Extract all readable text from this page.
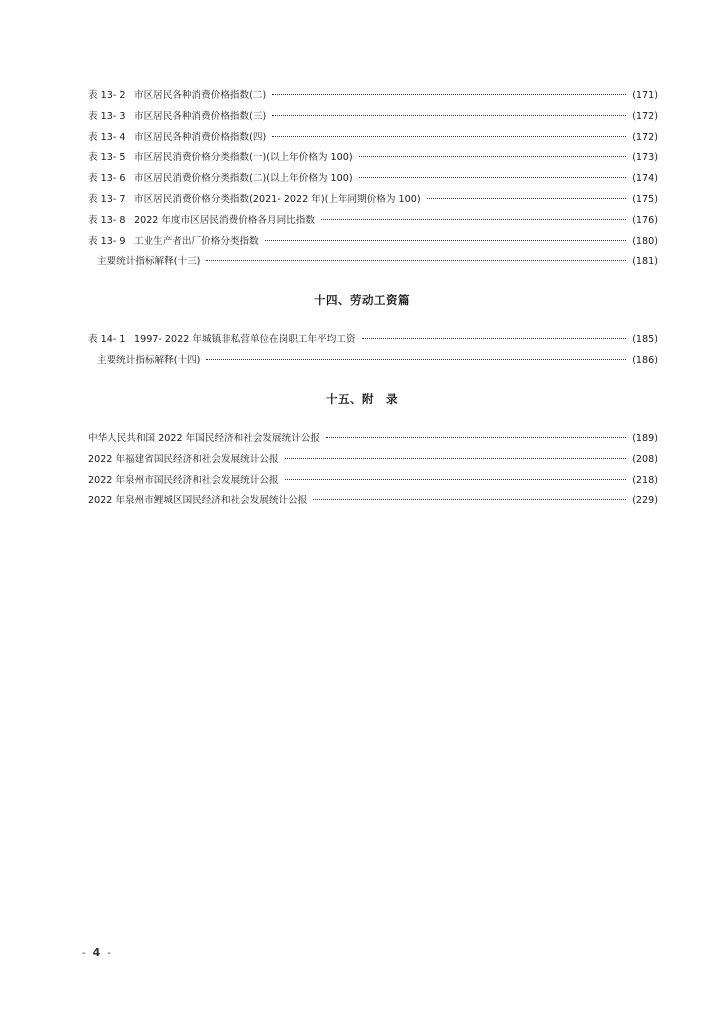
表 13- 2 市区居民各种消费价格指数(二)	(171)
表 13- 3 市区居民各种消费价格指数(三)	(172)
表 13- 4 市区居民各种消费价格指数(四)	(172)
表 13- 5 市区居民消费价格分类指数(一)(以上年价格为 100)	(173)
表 13- 6 市区居民消费价格分类指数(二)(以上年价格为 100)	(174)
表 13- 7 市区居民消费价格分类指数(2021- 2022 年)(上年同期价格为 100)	(175)
表 13- 8 2022 年度市区居民消费价格各月同比指数	(176)
表 13- 9 工业生产者出厂价格分类指数	(180)
主要统计指标解释(十三)	(181)
十四、劳动工资篇
表 14- 1 1997- 2022 年城镇非私营单位在岗职工年平均工资	(185)
主要统计指标解释(十四)	(186)
十五、附　录
中华人民共和国 2022 年国民经济和社会发展统计公报	(189)
2022 年福建省国民经济和社会发展统计公报	(208)
2022 年泉州市国民经济和社会发展统计公报	(218)
2022 年泉州市鲤城区国民经济和社会发展统计公报	(229)
- 4 -
